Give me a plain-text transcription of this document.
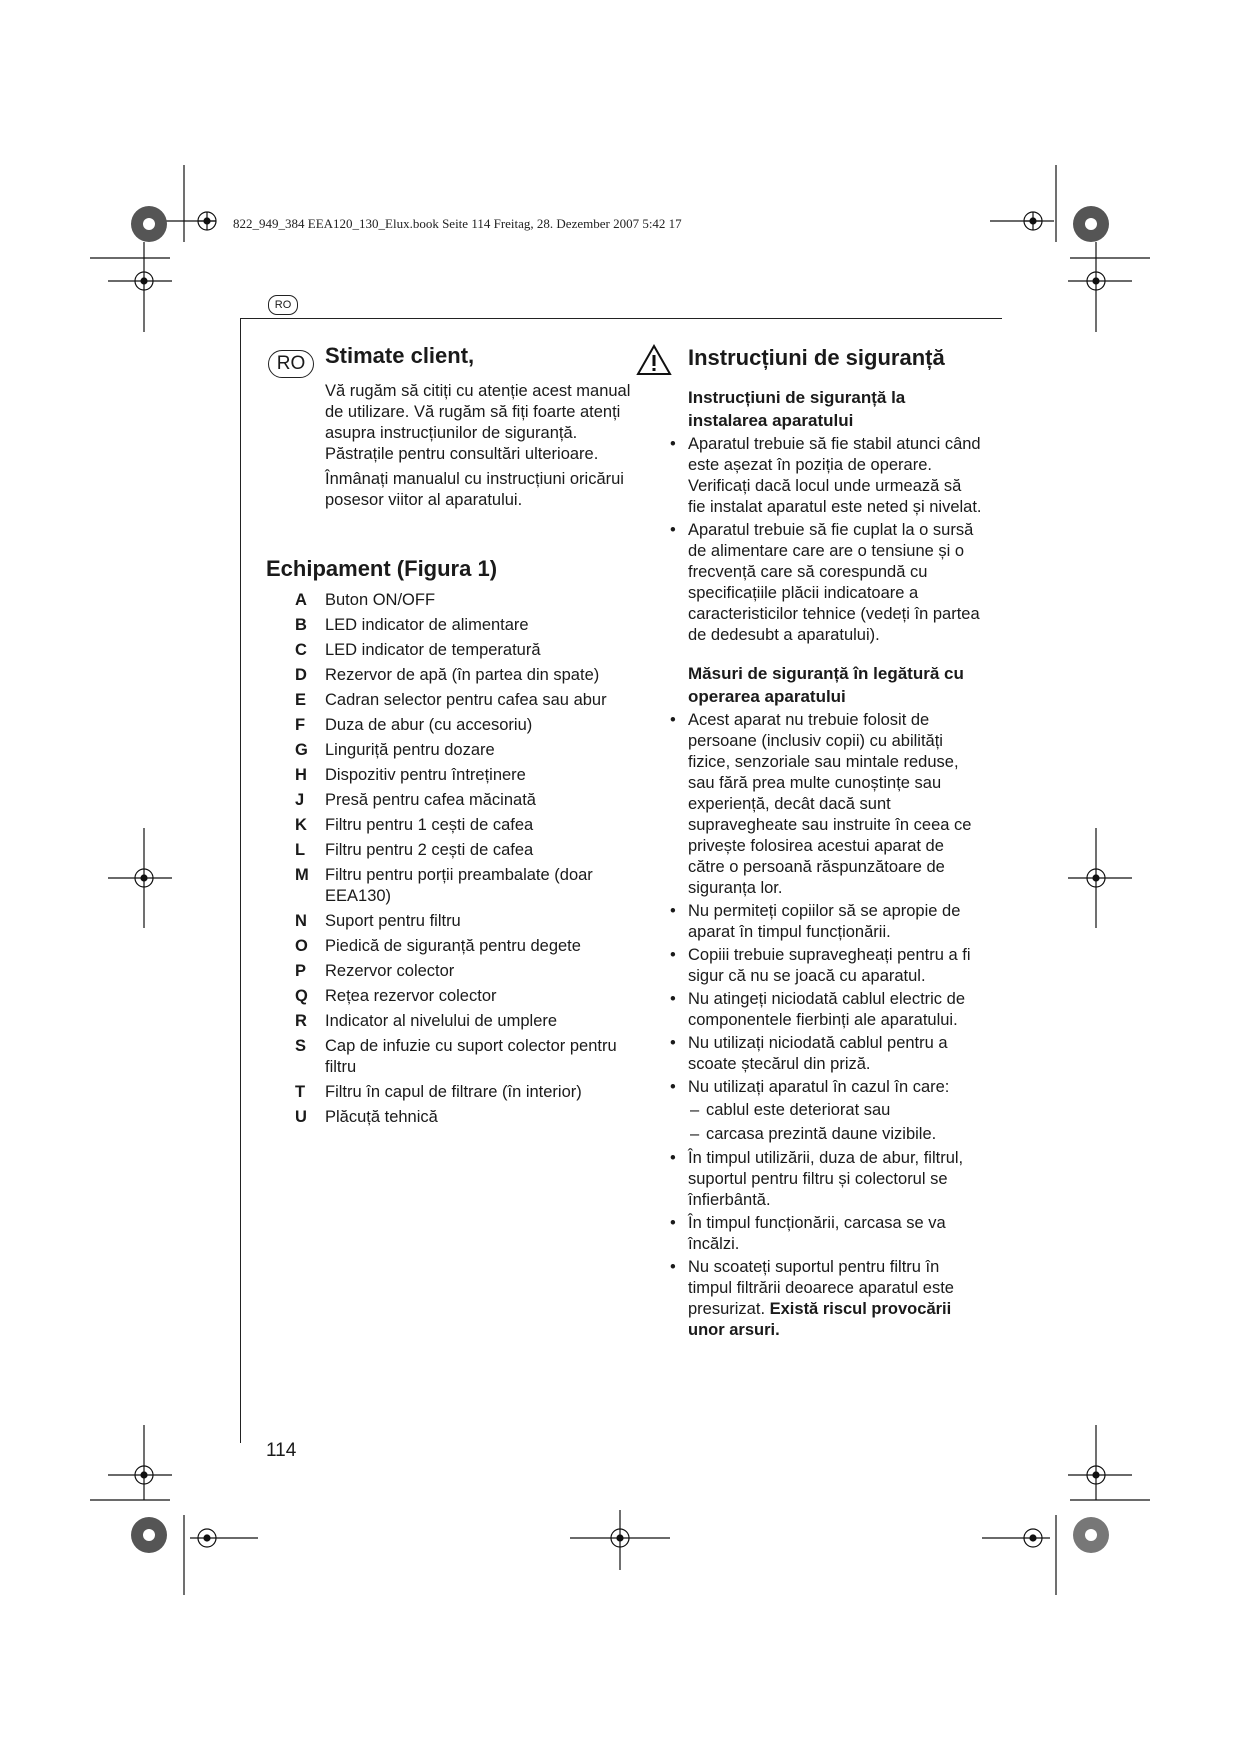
822_949_384 EEA120_130_Elux.book Seite 114 Freitag, 28. Dezember 2007 5:42 17
RO
RO Stimate client,

Vă rugăm să citiți cu atenție acest manual de utilizare. Vă rugăm să fiți foarte atenți asupra instrucțiunilor de siguranță. Păstrațile pentru consultări ulterioare.

Înmânați manualul cu instrucțiuni oricărui posesor viitor al aparatului.

Echipament (Figura 1)
A	Buton ON/OFF
B	LED indicator de alimentare
C	LED indicator de temperatură
D	Rezervor de apă (în partea din spate)
E	Cadran selector pentru cafea sau abur
F	Duza de abur (cu accesoriu)
G	Linguriță pentru dozare
H	Dispozitiv pentru întreținere
J	Presă pentru cafea măcinată
K	Filtru pentru 1 cești de cafea
L	Filtru pentru 2 cești de cafea
M Filtru pentru porții preambalate (doar EEA130)
N	Suport pentru filtru
O	Piedică de siguranță pentru degete
P	Rezervor colector
Q	Rețea rezervor colector
R	Indicator al nivelului de umplere
S	Cap de infuzie cu suport colector pentru filtru
T	Filtru în capul de filtrare (în interior)
U	Plăcuță tehnică
Instrucțiuni de siguranță
Instrucțiuni de siguranță la instalarea aparatului
• Aparatul trebuie să fie stabil atunci când este așezat în poziția de operare. Verificați dacă locul unde urmează să fie instalat aparatul este neted și nivelat.
• Aparatul trebuie să fie cuplat la o sursă de alimentare care are o tensiune și o frecvență care să corespundă cu specificațiile plăcii indicatoare a caracteristicilor tehnice (vedeți în partea de dedesubt a aparatului).
Măsuri de siguranță în legătură cu operarea aparatului
• Acest aparat nu trebuie folosit de persoane (inclusiv copii) cu abilități fizice, senzoriale sau mintale reduse, sau fără prea multe cunoștințe sau experiență, decât dacă sunt supravegheate sau instruite în ceea ce privește folosirea acestui aparat de către o persoană răspunzătoare de siguranța lor.
• Nu permiteți copiilor să se apropie de aparat în timpul funcționării.
• Copiii trebuie supravegheați pentru a fi sigur că nu se joacă cu aparatul.
• Nu atingeți niciodată cablul electric de componentele fierbinți ale aparatului.
• Nu utilizați niciodată cablul pentru a scoate ștecărul din priză.
• Nu utilizați aparatul în cazul în care:
– cablul este deteriorat sau
– carcasa prezintă daune vizibile.
• În timpul utilizării, duza de abur, filtrul, suportul pentru filtru și colectorul se înfierbântă.
• În timpul funcționării, carcasa se va încălzi.
• Nu scoateți suportul pentru filtru în timpul filtrării deoarece aparatul este presurizat. Există riscul provocării unor arsuri.
114
